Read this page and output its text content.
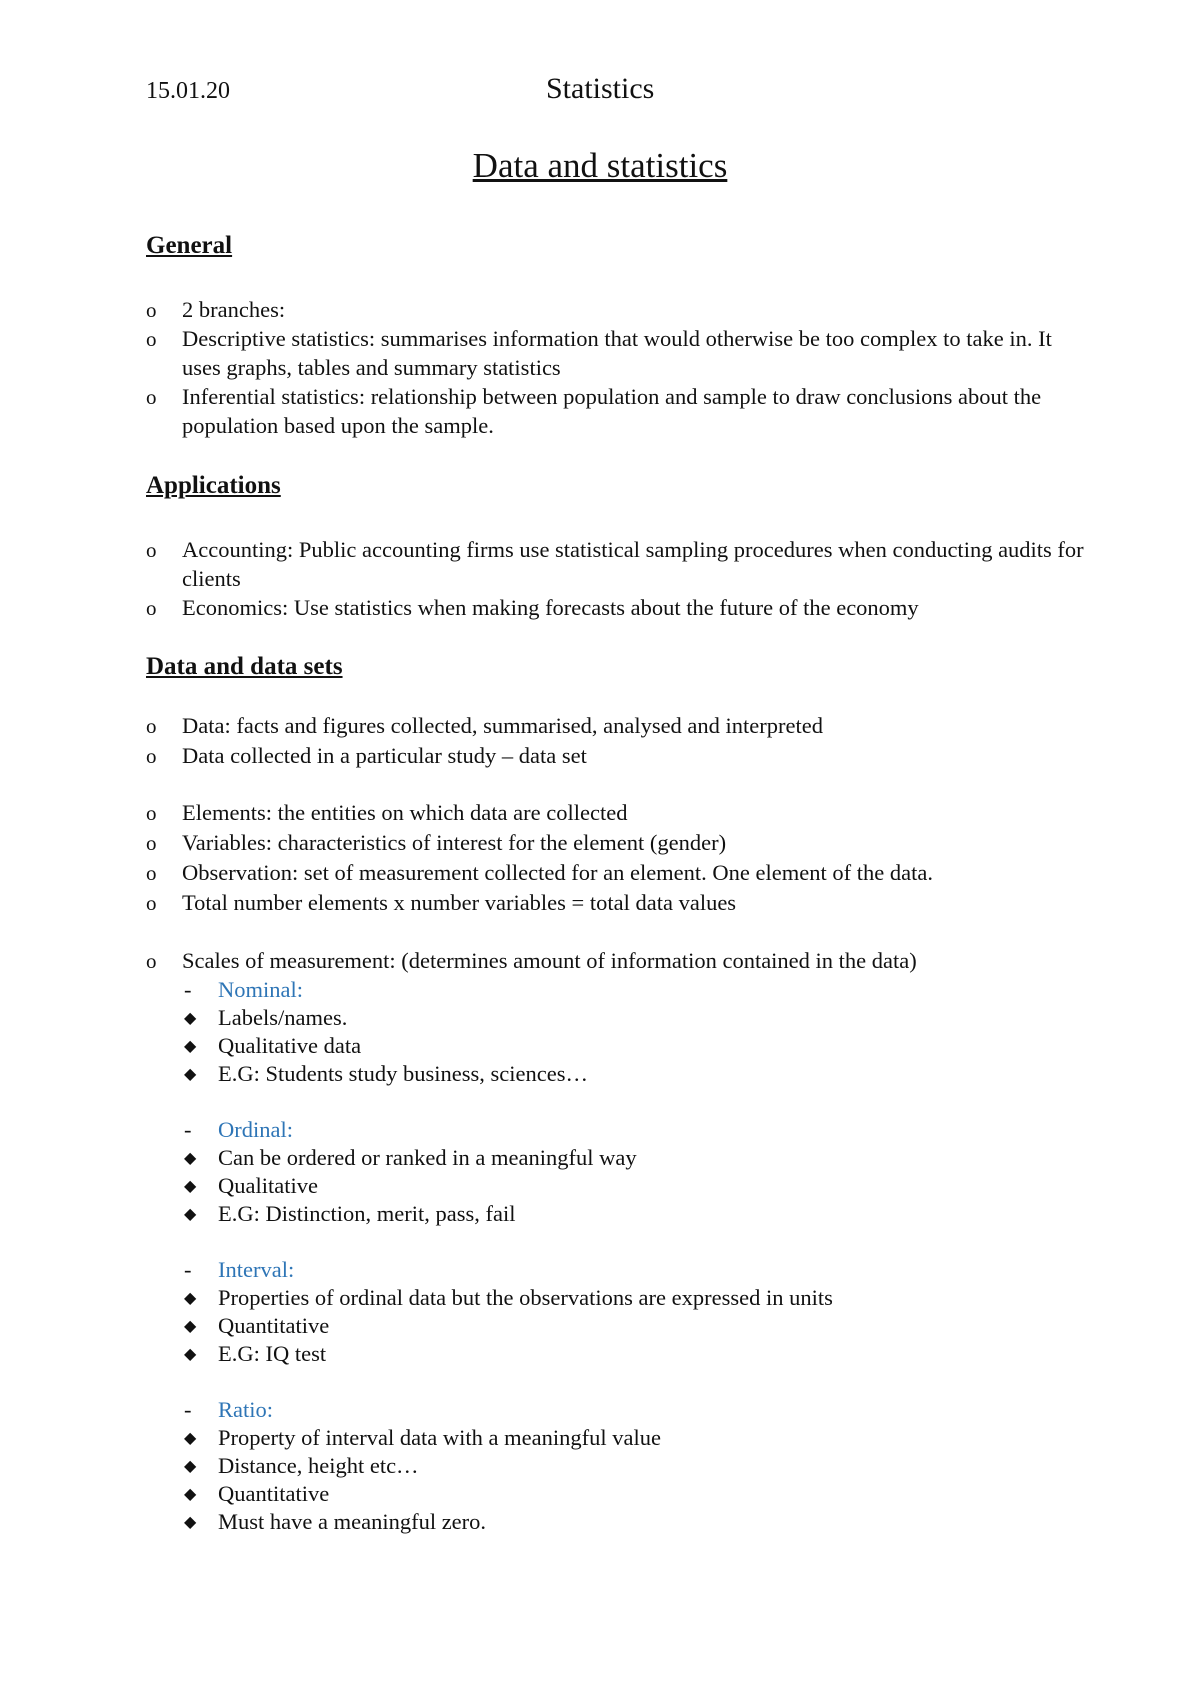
15.01.20	Statistics
Data and statistics
General
o	2 branches:
o	Descriptive statistics: summarises information that would otherwise be too complex to take in. It uses graphs, tables and summary statistics
o	Inferential statistics: relationship between population and sample to draw conclusions about the population based upon the sample.
Applications
o	Accounting: Public accounting firms use statistical sampling procedures when conducting audits for clients
o	Economics: Use statistics when making forecasts about the future of the economy
Data and data sets
o	Data: facts and figures collected, summarised, analysed and interpreted
o	Data collected in a particular study – data set
o	Elements: the entities on which data are collected
o	Variables: characteristics of interest for the element (gender)
o	Observation: set of measurement collected for an element. One element of the data.
o	Total number elements x number variables = total data values
o	Scales of measurement: (determines amount of information contained in the data)
- Nominal:
◆ Labels/names.
◆ Qualitative data
◆ E.G: Students study business, sciences…
- Ordinal:
◆ Can be ordered or ranked in a meaningful way
◆ Qualitative
◆ E.G: Distinction, merit, pass, fail
- Interval:
◆ Properties of ordinal data but the observations are expressed in units
◆ Quantitative
◆ E.G: IQ test
- Ratio:
◆ Property of interval data with a meaningful value
◆ Distance, height etc…
◆ Quantitative
◆ Must have a meaningful zero.
